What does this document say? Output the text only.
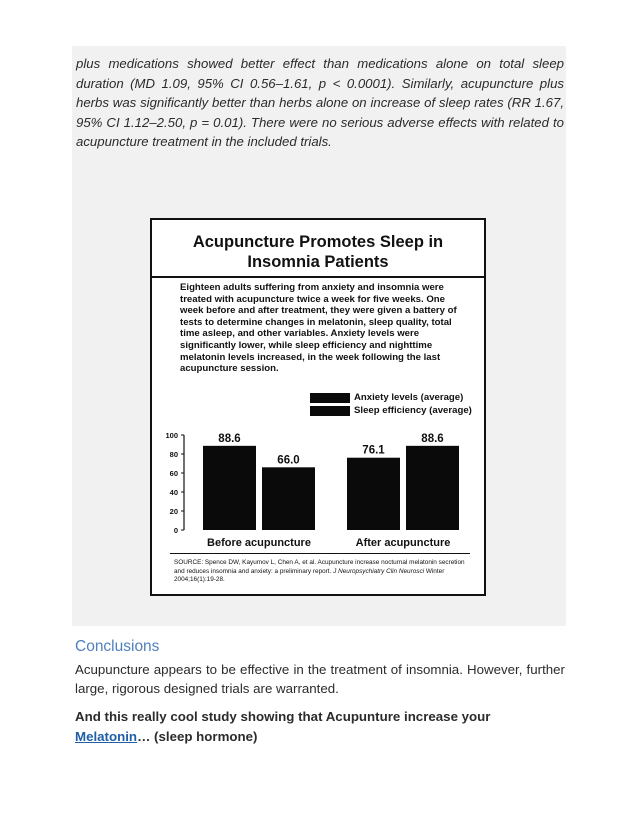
plus medications showed better effect than medications alone on total sleep duration (MD 1.09, 95% CI 0.56–1.61, p < 0.0001). Similarly, acupuncture plus herbs was significantly better than herbs alone on increase of sleep rates (RR 1.67, 95% CI 1.12–2.50, p = 0.01). There were no serious adverse effects with related to acupuncture treatment in the included trials.

Acupuncture Promotes Sleep in
Insomnia Patients
Eighteen adults suffering from anxiety and insomnia were treated with acupuncture twice a week for five weeks. One week before and after treatment, they were given a battery of tests to determine changes in melatonin, sleep quality, total time asleep, and other variables. Anxiety levels were significantly lower, while sleep efficiency and nighttime melatonin levels increased, in the week following the last acupuncture session.
Anxiety levels (average)
Sleep efficiency (average)
0
20
40
60
80
100	88.6
66.0
Before acupuncture
76.1
88.6
After acupuncture
SOURCE: Spence DW, Kayumov L, Chen A, et al. Acupuncture increase nocturnal melatonin secretion and reduces insomnia and anxiety: a preliminary report. J Neuropsychiatry Clin Neurosci Winter 2004;16(1):19-28.
Conclusions

Acupuncture appears to be effective in the treatment of insomnia. However, further large, rigorous designed trials are warranted.

And this really cool study showing that Acupunture increase your Melatonin… (sleep hormone)
